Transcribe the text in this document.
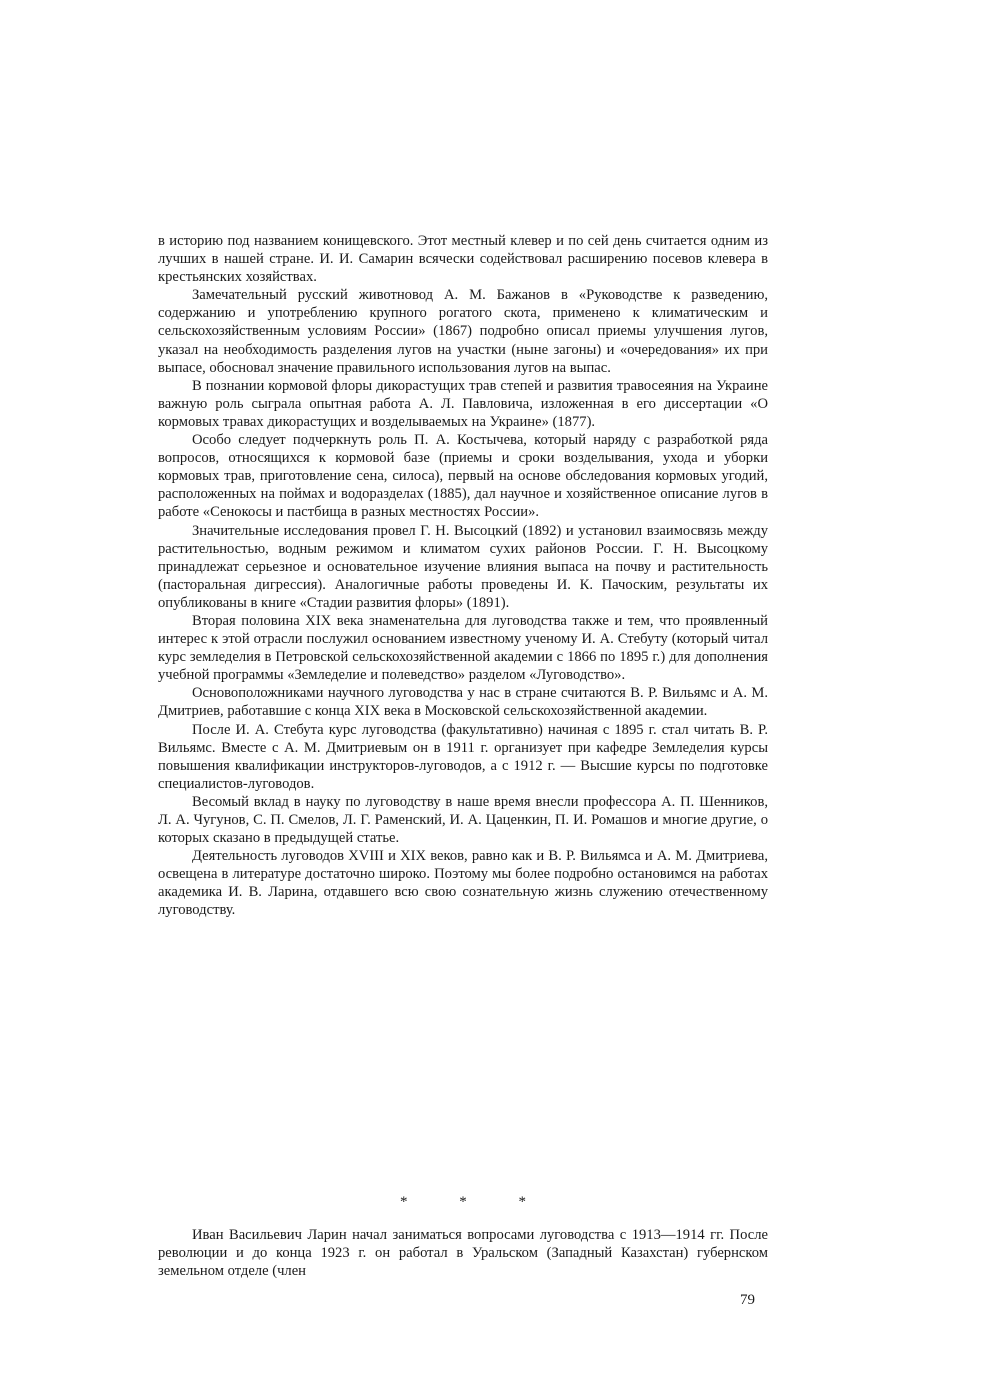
в историю под названием конищевского. Этот местный клевер и по сей день считается одним из лучших в нашей стране. И. И. Самарин всячески содействовал расширению посевов клевера в крестьянских хозяйствах.

Замечательный русский животновод А. М. Бажанов в «Руководстве к разведению, содержанию и употреблению крупного рогатого скота, применено к климатическим и сельскохозяйственным условиям России» (1867) подробно описал приемы улучшения лугов, указал на необходимость разделения лугов на участки (ныне загоны) и «очередования» их при выпасе, обосновал значение правильного использования лугов на выпас.

В познании кормовой флоры дикорастущих трав степей и развития травосеяния на Украине важную роль сыграла опытная работа А. Л. Павловича, изложенная в его диссертации «О кормовых травах дикорастущих и возделываемых на Украине» (1877).

Особо следует подчеркнуть роль П. А. Костычева, который наряду с разработкой ряда вопросов, относящихся к кормовой базе (приемы и сроки возделывания, ухода и уборки кормовых трав, приготовление сена, силоса), первый на основе обследования кормовых угодий, расположенных на поймах и водоразделах (1885), дал научное и хозяйственное описание лугов в работе «Сенокосы и пастбища в разных местностях России».

Значительные исследования провел Г. Н. Высоцкий (1892) и установил взаимосвязь между растительностью, водным режимом и климатом сухих районов России. Г. Н. Высоцкому принадлежат серьезное и основательное изучение влияния выпаса на почву и растительность (пасторальная дигрессия). Аналогичные работы проведены И. К. Пачоским, результаты их опубликованы в книге «Стадии развития флоры» (1891).

Вторая половина XIX века знаменательна для луговодства также и тем, что проявленный интерес к этой отрасли послужил основанием известному ученому И. А. Стебуту (который читал курс земледелия в Петровской сельскохозяйственной академии с 1866 по 1895 г.) для дополнения учебной программы «Земледелие и полеведство» разделом «Луговодство».

Основоположниками научного луговодства у нас в стране считаются В. Р. Вильямс и А. М. Дмитриев, работавшие с конца XIX века в Московской сельскохозяйственной академии.

После И. А. Стебута курс луговодства (факультативно) начиная с 1895 г. стал читать В. Р. Вильямс. Вместе с А. М. Дмитриевым он в 1911 г. организует при кафедре Земледелия курсы повышения квалификации инструкторов-луговодов, а с 1912 г. — Высшие курсы по подготовке специалистов-луговодов.

Весомый вклад в науку по луговодству в наше время внесли профессора А. П. Шенников, Л. А. Чугунов, С. П. Смелов, Л. Г. Раменский, И. А. Цаценкин, П. И. Ромашов и многие другие, о которых сказано в предыдущей статье.

Деятельность луговодов XVIII и XIX веков, равно как и В. Р. Вильямса и А. М. Дмитриева, освещена в литературе достаточно широко. Поэтому мы более подробно остановимся на работах академика И. В. Ларина, отдавшего всю свою сознательную жизнь служению отечественному луговодству.

* * *

Иван Васильевич Ларин начал заниматься вопросами луговодства с 1913—1914 гг. После революции и до конца 1923 г. он работал в Уральском (Западный Казахстан) губернском земельном отделе (член

79
